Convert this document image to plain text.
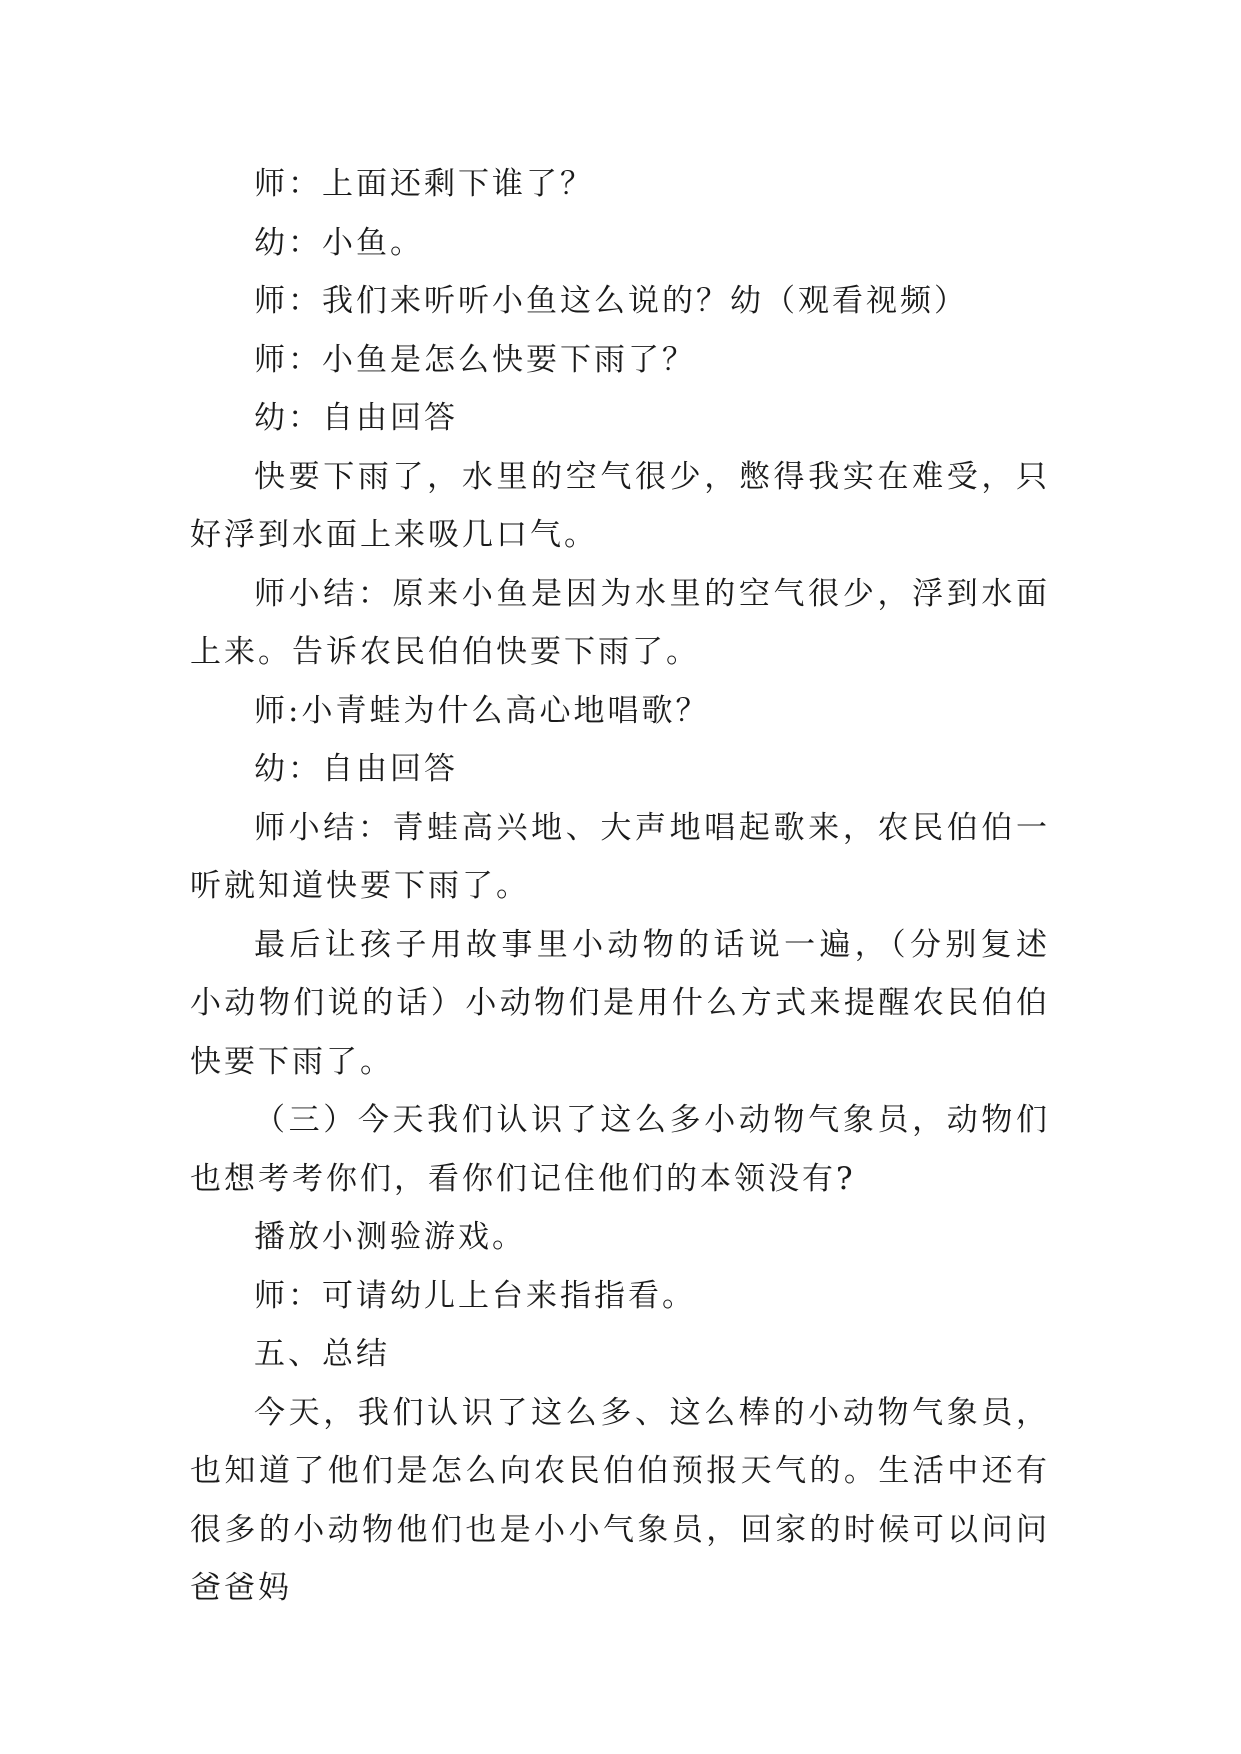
师：上面还剩下谁了？

幼：小鱼。

师：我们来听听小鱼这么说的？幼（观看视频）

师：小鱼是怎么快要下雨了？

幼：自由回答

快要下雨了，水里的空气很少，憋得我实在难受，只好浮到水面上来吸几口气。

师小结：原来小鱼是因为水里的空气很少，浮到水面上来。告诉农民伯伯快要下雨了。

师:小青蛙为什么高心地唱歌？

幼：自由回答

师小结：青蛙高兴地、大声地唱起歌来，农民伯伯一听就知道快要下雨了。

最后让孩子用故事里小动物的话说一遍，（分别复述小动物们说的话）小动物们是用什么方式来提醒农民伯伯快要下雨了。

（三）今天我们认识了这么多小动物气象员，动物们也想考考你们，看你们记住他们的本领没有?

播放小测验游戏。

师：可请幼儿上台来指指看。

五、总结

今天，我们认识了这么多、这么棒的小动物气象员，也知道了他们是怎么向农民伯伯预报天气的。生活中还有很多的小动物他们也是小小气象员，回家的时候可以问问爸爸妈
